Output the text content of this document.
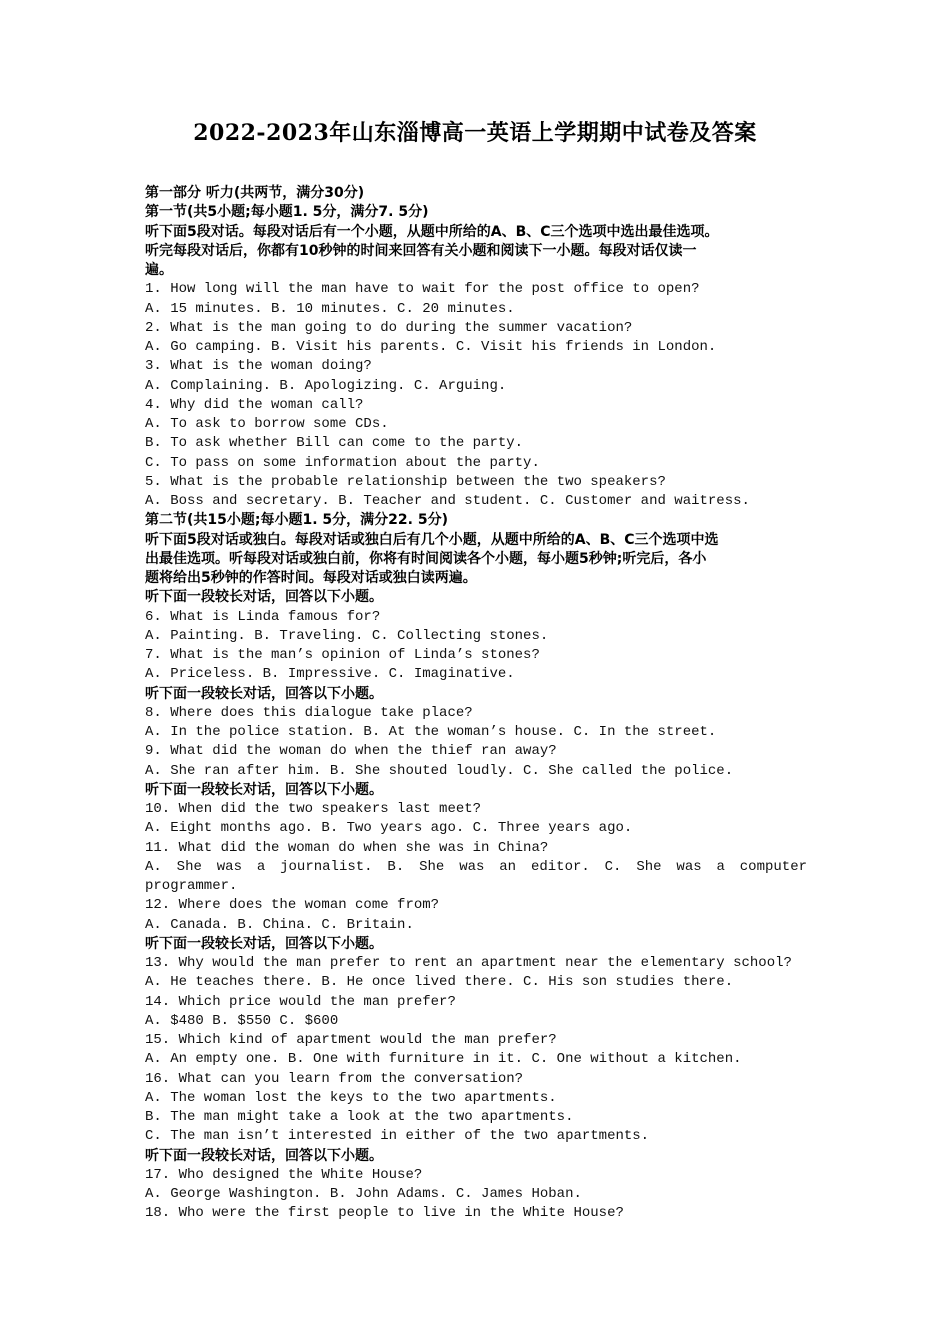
2022-2023年山东淄博高一英语上学期期中试卷及答案
第一部分 听力(共两节，满分30分)
第一节(共5小题;每小题1. 5分，满分7. 5分)
听下面5段对话。每段对话后有一个小题，从题中所给的A、B、C三个选项中选出最佳选项。
听完每段对话后，你都有10秒钟的时间来回答有关小题和阅读下一小题。每段对话仅读一
遍。
1. How long will the man have to wait for the post office to open?
A. 15 minutes. B. 10 minutes. C. 20 minutes.
2. What is the man going to do during the summer vacation?
A. Go camping. B. Visit his parents. C. Visit his friends in London.
3. What is the woman doing?
A. Complaining. B. Apologizing. C. Arguing.
4. Why did the woman call?
A. To ask to borrow some CDs.
B. To ask whether Bill can come to the party.
C. To pass on some information about the party.
5. What is the probable relationship between the two speakers?
A. Boss and secretary. B. Teacher and student. C. Customer and waitress.
第二节(共15小题;每小题1. 5分，满分22. 5分)
听下面5段对话或独白。每段对话或独白后有几个小题，从题中所给的A、B、C三个选项中选
出最佳选项。听每段对话或独白前，你将有时间阅读各个小题，每小题5秒钟;听完后，各小
题将给出5秒钟的作答时间。每段对话或独白读两遍。
听下面一段较长对话，回答以下小题。
6. What is Linda famous for?
A. Painting. B. Traveling. C. Collecting stones.
7. What is the man’s opinion of Linda’s stones?
A. Priceless. B. Impressive. C. Imaginative.
听下面一段较长对话，回答以下小题。
8. Where does this dialogue take place?
A. In the police station. B. At the woman’s house. C. In the street.
9. What did the woman do when the thief ran away?
A. She ran after him. B. She shouted loudly. C. She called the police.
听下面一段较长对话，回答以下小题。
10. When did the two speakers last meet?
A. Eight months ago. B. Two years ago. C. Three years ago.
11. What did the woman do when she was in China?
A. She was a journalist. B. She was an editor. C. She was a computer
programmer.
12. Where does the woman come from?
A. Canada. B. China. C. Britain.
听下面一段较长对话，回答以下小题。
13. Why would the man prefer to rent an apartment near the elementary school?
A. He teaches there. B. He once lived there. C. His son studies there.
14. Which price would the man prefer?
A. $480 B. $550 C. $600
15. Which kind of apartment would the man prefer?
A. An empty one. B. One with furniture in it. C. One without a kitchen.
16. What can you learn from the conversation?
A. The woman lost the keys to the two apartments.
B. The man might take a look at the two apartments.
C. The man isn’t interested in either of the two apartments.
听下面一段较长对话，回答以下小题。
17. Who designed the White House?
A. George Washington. B. John Adams. C. James Hoban.
18. Who were the first people to live in the White House?
